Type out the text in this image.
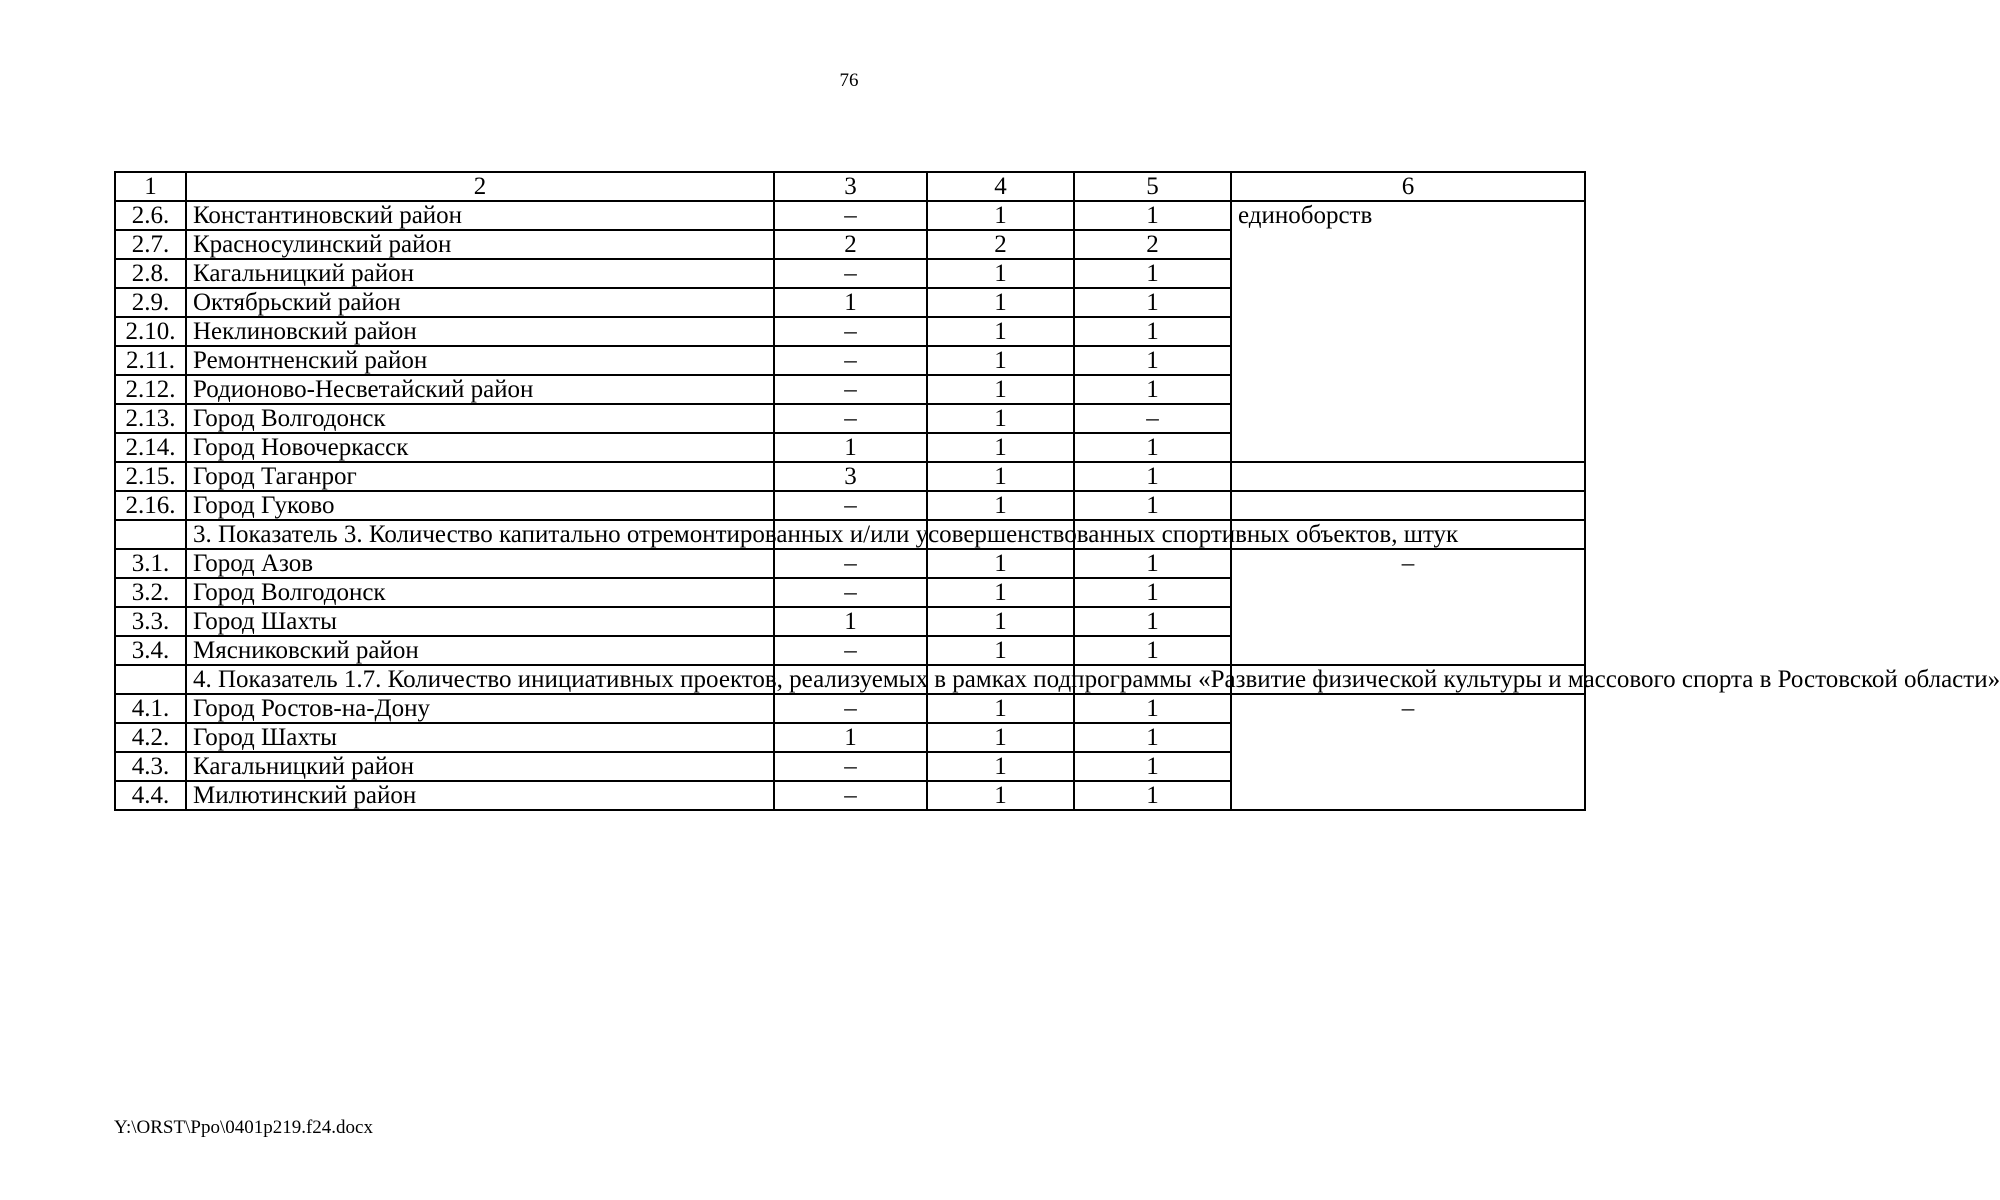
76
1	2	3	4	5	6
2.6.	Константиновский район	–	1	1	единоборств
2.7.	Красносулинский район	2	2	2	
2.8.	Кагальницкий район	–	1	1	
2.9.	Октябрьский район	1	1	1	
2.10.	Неклиновский район	–	1	1	
2.11.	Ремонтненский район	–	1	1	
2.12.	Родионово-Несветайский район	–	1	1	
2.13.	Город Волгодонск	–	1	–	
2.14.	Город Новочеркасск	1	1	1	
2.15.	Город Таганрог	3	1	1	
2.16.	Город Гуково	–	1	1	
	3. Показатель 3. Количество капитально отремонтированных и/или усовершенствованных спортивных объектов, штук				
3.1.	Город Азов	–	1	1	–
3.2.	Город Волгодонск	–	1	1	
3.3.	Город Шахты	1	1	1	
3.4.	Мясниковский район	–	1	1	
	4. Показатель 1.7. Количество инициативных проектов, реализуемых в рамках подпрограммы «Развитие физической культуры и массового спорта в Ростовской области»				
4.1.	Город Ростов-на-Дону	–	1	1	–
4.2.	Город Шахты	1	1	1	
4.3.	Кагальницкий район	–	1	1	
4.4.	Милютинский район	–	1	1	
Y:\ORST\Ppo\0401p219.f24.docx
